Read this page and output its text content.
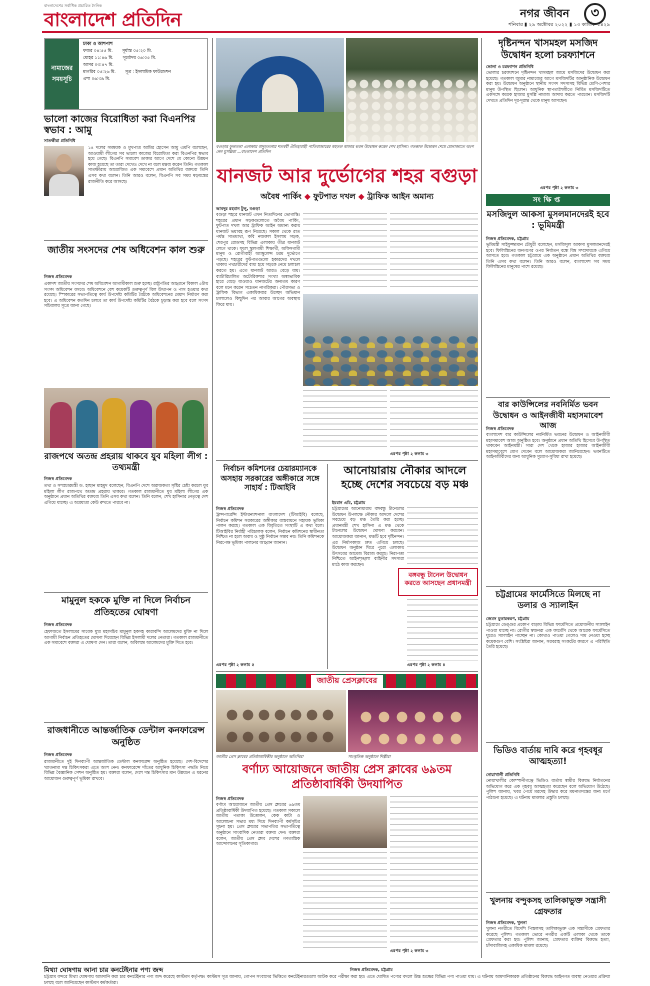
বাংলাদেশের সর্বাধিক প্রচারিত দৈনিক
বাংলাদেশ প্রতিদিন	নগর জীবন ৩
শনিবার ▮ ২৯ অক্টোবর ২০২২ ▮ ১৩ কার্তিক ১৪২৯
নামাজের সময়সূচি
ঢাকা ও আশপাশ
ফজর ০৪:৫৫ মি. সূর্যাস্ত ০৫:২০ মি.
যোহর ১১:৪৬ মি. সূর্যোদয় ০৬:০৫ মি.
আসর ০৩:৪৭ মি.
মাগরিব ০৫:২৬ মি. সূত্র : ইসলামিক ফাউন্ডেশন
এশা ০৬:৩৯ মি.
ভালো কাজের বিরোধিতা করা বিএনপির স্বভাব : আমু
সাতক্ষীরা প্রতিনিধি
১৪ দলের সমন্বয়ক ও মুখপাত্র আমির হোসেন আমু এমপি বলেছেন, আওয়ামী লীগের সব ভালো কাজের বিরোধিতা করা বিএনপির স্বভাব হয়ে গেছে। বিএনপি সমাবেশ ডাকার আগে দেশে যে কোনো উন্নয়ন কাজ হয়েছে তা তারা দেখেও দেখে না বলে মন্তব্য করেন তিনি। গতকাল সাতক্ষীরায় আয়োজিত এক সমাবেশে প্রধান অতিথির বক্তব্যে তিনি এসব কথা বলেন। তিনি আরও বলেন, বিএনপি সব সময় ষড়যন্ত্রের রাজনীতি করে আসছে।
জাতীয় সংসদের শেষ অধিবেশন কাল শুরু
নিজস্ব প্রতিবেদক
একাদশ জাতীয় সংসদের শেষ অধিবেশন আগামীকাল শুরু হচ্ছে। রাষ্ট্রপতির আহ্বানে বিকাল ৫টায় সংসদ অধিবেশন বসবে। অধিবেশনে বেশ কয়েকটি গুরুত্বপূর্ণ বিল উত্থাপন ও পাস হওয়ার কথা রয়েছে। স্পিকারের সভাপতিত্বে কার্য উপদেষ্টা কমিটির বৈঠকে অধিবেশনের মেয়াদ নির্ধারণ করা হবে। এ অধিবেশন কতদিন চলবে তা কার্য উপদেষ্টা কমিটির বৈঠকে চূড়ান্ত করা হবে বলে সংসদ সচিবালয় সূত্রে জানা গেছে।
রাজপথে অতন্দ্র প্রহরায় থাকবে যুব মহিলা লীগ : তথ্যমন্ত্রী
নিজস্ব প্রতিবেদক
তথ্য ও সম্প্রচারমন্ত্রী ড. হাছান মাহমুদ বলেছেন, বিএনপি দেশে অরাজকতা সৃষ্টির চেষ্টা করলে যুব মহিলা লীগ রাজপথে অতন্দ্র প্রহরায় থাকবে। গতকাল রাজধানীতে যুব মহিলা লীগের এক অনুষ্ঠানে প্রধান অতিথির বক্তব্যে তিনি এসব কথা বলেন। তিনি বলেন, শেখ হাসিনার নেতৃত্বে দেশ এগিয়ে যাচ্ছে। এ অগ্রযাত্রা কেউ রুখতে পারবে না।
মামুনুল হককে মুক্তি না দিলে নির্বাচন প্রতিহতের ঘোষণা
নিজস্ব প্রতিবেদক
হেফাজতে ইসলামের সাবেক যুগ্ম মহাসচিব মামুনুল হকসহ কারাবন্দি আলেমদের মুক্তি না দিলে আগামী নির্বাচন প্রতিহতের ঘোষণা দিয়েছেন বিভিন্ন ইসলামী দলের নেতারা। গতকাল রাজধানীতে এক সমাবেশে বক্তারা এ ঘোষণা দেন। তারা বলেন, অবিলম্বে আলেমদের মুক্তি দিতে হবে।
রাজধানীতে আন্তর্জাতিক ডেন্টাল কনফারেন্স অনুষ্ঠিত
নিজস্ব প্রতিবেদক
রাজধানীতে দুই দিনব্যাপী আন্তর্জাতিক ডেন্টাল কনফারেন্স অনুষ্ঠিত হয়েছে। দেশ-বিদেশের খ্যাতনামা দন্ত চিকিৎসকরা এতে অংশ নেন। কনফারেন্সে দাঁতের আধুনিক চিকিৎসা পদ্ধতি নিয়ে বিভিন্ন বৈজ্ঞানিক সেশন অনুষ্ঠিত হয়। বক্তারা বলেন, দেশে দন্ত চিকিৎসার মান উন্নয়নে এ ধরনের আয়োজন গুরুত্বপূর্ণ ভূমিকা রাখবে।
বগুড়ার ফুলতলা এলাকায় বাদুড়তলায় শতবর্ষী ঐতিহ্যবাহী পাতিবাজারের বহুতল বাজার ভবন উদ্বোধন করেন শেখ হাসিনা। গতকাল উদ্বোধন শেষে মোনাজাতে অংশ নেন মুসল্লিরা —বাংলাদেশ প্রতিদিন
যানজট আর দুর্ভোগের শহর বগুড়া
অবৈধ পার্কিং ◆ ফুটপাত দখল ◆ ট্রাফিক আইন অমান্য
আবদুর রহমান টুলু, বগুড়া
বগুড়া শহরে যানজট এখন নিত্যদিনের ভোগান্তি। শহরের প্রধান সড়কগুলোতে অবৈধ পার্কিং, ফুটপাত দখল আর ট্রাফিক আইন অমান্য করায় যানজট ভয়াবহ রূপ নিয়েছে। সকাল থেকে রাত পর্যন্ত সাতমাথা, কবি নজরুল ইসলাম সড়ক, শেরপুর রোডসহ বিভিন্ন এলাকায় তীব্র যানজট লেগে থাকে। ফলে স্কুলগামী শিক্ষার্থী, অফিসগামী মানুষ ও রোগীবাহী অ্যাম্বুলেন্স চরম দুর্ভোগে পড়ছে। শহরের ফুটপাতগুলো হকারদের দখলে থাকায় পথচারীদের বাধ্য হয়ে সড়কে নেমে চলাচল করতে হয়। এতে যানজট আরও বেড়ে যায়। ব্যাটারিচালিত অটোরিকশার সংখ্যা অস্বাভাবিক হারে বেড়ে যাওয়াও যানজটের অন্যতম কারণ বলে মনে করেন সচেতন নাগরিকরা। পৌরসভা ও ট্রাফিক বিভাগ একাধিকবার উচ্ছেদ অভিযান চালালেও কিছুদিন পর আবার আগের অবস্থায় ফিরে যায়।
এরপর পৃষ্ঠা ২ কলাম ৩
নির্বাচন কমিশনের চেয়ারম্যানকে অসহায় সরকারের অঙ্গীকারে সঙ্গে সাহার্য : টিআইবি
নিজস্ব প্রতিবেদক
ট্রান্সপারেন্সি ইন্টারন্যাশনাল বাংলাদেশ (টিআইবি) বলেছে, নির্বাচন কমিশন সরকারের অঙ্গীকার বাস্তবায়নে সহায়ক ভূমিকা পালন করছে। গতকাল এক বিবৃতিতে সংস্থাটি এ কথা বলে। টিআইবির নির্বাহী পরিচালক বলেন, নির্বাচন কমিশনের স্বাধীনতা নিশ্চিত না হলে অবাধ ও সুষ্ঠু নির্বাচন সম্ভব নয়। তিনি কমিশনকে নিরপেক্ষ ভূমিকা পালনের আহ্বান জানান।
এরপর পৃষ্ঠা ২ কলাম ৫
আনোয়ারায় নৌকার আদলে হচ্ছে দেশের সবচেয়ে বড় মঞ্চ
ইমরান এমি, চট্টগ্রাম
চট্টগ্রামের আনোয়ারায় বঙ্গবন্ধু টানেলের উদ্বোধন উপলক্ষে নৌকার আদলে দেশের সবচেয়ে বড় মঞ্চ তৈরি করা হচ্ছে। প্রধানমন্ত্রী শেখ হাসিনা এ মঞ্চ থেকে টানেলের উদ্বোধন ঘোষণা করবেন। আয়োজকরা জানান, মঞ্চটি হবে দৃষ্টিনন্দন। এর নির্মাণকাজ দ্রুত এগিয়ে চলছে। উদ্বোধন অনুষ্ঠান ঘিরে পুরো এলাকায় উৎসবের আমেজ বিরাজ করছে। নিরাপত্তা নিশ্চিতে আইনশৃঙ্খলা বাহিনীর সদস্যরা মাঠে কাজ করছেন।
বঙ্গবন্ধু টানেল উদ্বোধন করতে আসছেন প্রধানমন্ত্রী
এরপর পৃষ্ঠা ২ কলাম ৪
জাতীয় প্রেসক্লাবের
জাতীয় প্রেস ক্লাবের প্রতিষ্ঠাবার্ষিকীর অনুষ্ঠানে অতিথিরা	সাংস্কৃতিক অনুষ্ঠানে শিল্পীরা
বর্ণাঢ্য আয়োজনে জাতীয় প্রেস ক্লাবের ৬৯তম প্রতিষ্ঠাবার্ষিকী উদযাপিত
নিজস্ব প্রতিবেদক
বর্ণাঢ্য আয়োজনে জাতীয় প্রেস ক্লাবের ৬৯তম প্রতিষ্ঠাবার্ষিকী উদযাপিত হয়েছে। গতকাল সকালে জাতীয় পতাকা উত্তোলন, কেক কাটা ও আলোচনা সভার মধ্য দিয়ে দিনব্যাপী কর্মসূচির সূচনা হয়। প্রেস ক্লাবের সভাপতির সভাপতিত্বে অনুষ্ঠানে সাংবাদিক নেতারা বক্তব্য দেন। বক্তারা বলেন, জাতীয় প্রেস ক্লাব দেশের গণতান্ত্রিক আন্দোলনের সূতিকাগার।
এরপর পৃষ্ঠা ২ কলাম ৩
দৃষ্টিনন্দন খাসমহল মসজিদ উদ্বোধন হলো চরফ্যাশনে
ভোলা ও চরফ্যাশন প্রতিনিধি
ভোলার চরফ্যাশনে দৃষ্টিনন্দন খাসমহল জামে মসজিদের উদ্বোধন করা হয়েছে। গতকাল জুমার নামাজের আগে মসজিদটির আনুষ্ঠানিক উদ্বোধন করা হয়। উদ্বোধন অনুষ্ঠানে স্থানীয় সংসদ সদস্যসহ বিভিন্ন শ্রেণি-পেশার মানুষ উপস্থিত ছিলেন। আধুনিক স্থাপত্যশৈলীতে নির্মিত মসজিদটিতে একসঙ্গে কয়েক হাজার মুসল্লি নামাজ আদায় করতে পারবেন। মসজিদটি দেখতে প্রতিদিন দূর-দূরান্ত থেকে মানুষ আসছেন।
এরপর পৃষ্ঠা ২ কলাম ৩
সংক্ষিপ্ত
মসজিদুল আকসা মুসলমানদেরই হবে : ভূমিমন্ত্রী
নিজস্ব প্রতিবেদক, চট্টগ্রাম
ভূমিমন্ত্রী সাইফুজ্জামান চৌধুরী বলেছেন, মসজিদুল আকসা মুসলমানদেরই হবে। ফিলিস্তিনের জনগণের ওপর নির্যাতন বন্ধে বিশ্ব সম্প্রদায়কে এগিয়ে আসতে হবে। গতকাল চট্টগ্রামে এক অনুষ্ঠানে প্রধান অতিথির বক্তব্যে তিনি এসব কথা বলেন। তিনি আরও বলেন, বাংলাদেশ সব সময় ফিলিস্তিনের মানুষের পাশে রয়েছে।
বার কাউন্সিলের নবনির্মিত ভবন উদ্বোধন ও আইনজীবী মহাসমাবেশ আজ
নিজস্ব প্রতিবেদক
বাংলাদেশ বার কাউন্সিলের নবনির্মিত ভবনের উদ্বোধন ও আইনজীবী মহাসমাবেশ আজ অনুষ্ঠিত হবে। অনুষ্ঠানে প্রধান অতিথি হিসেবে উপস্থিত থাকবেন আইনমন্ত্রী। সারা দেশ থেকে হাজার হাজার আইনজীবী মহাসমাবেশে যোগ দেবেন বলে আয়োজকরা জানিয়েছেন। ভবনটিতে আইনজীবীদের জন্য আধুনিক সুযোগ-সুবিধা রাখা হয়েছে।
চট্টগ্রামের ফার্মেসিতে মিলছে না ডলার ও স্যালাইন
জেমস মুতারকরণ, চট্টগ্রাম
চট্টগ্রামে ডেঙ্গুর প্রকোপ বাড়ায় বিভিন্ন ফার্মেসিতে প্রয়োজনীয় স্যালাইন পাওয়া যাচ্ছে না। রোগীর স্বজনরা এক ফার্মেসি থেকে আরেক ফার্মেসিতে ঘুরেও স্যালাইন পাচ্ছেন না। কোথাও পাওয়া গেলেও দাম নেওয়া হচ্ছে কয়েকগুণ বেশি। সংশ্লিষ্টরা জানান, সরবরাহ সংকটের কারণে এ পরিস্থিতি তৈরি হয়েছে।
ভিডিও বার্তায় দাবি করে গৃহবধূর আত্মহত্যা!
নোয়াখালী প্রতিনিধি
নোয়াখালীর কোম্পানীগঞ্জে ভিডিও বার্তায় স্বামীর বিরুদ্ধে নির্যাতনের অভিযোগ করে এক গৃহবধূ আত্মহত্যা করেছেন বলে অভিযোগ উঠেছে। পুলিশ জানায়, খবর পেয়ে মরদেহ উদ্ধার করে ময়নাতদন্তের জন্য মর্গে পাঠানো হয়েছে। এ ঘটনায় মামলার প্রস্তুতি চলছে।
খুলনায় বন্দুকসহ তালিকাভুক্ত সন্ত্রাসী গ্রেফতার
নিজস্ব প্রতিবেদক, খুলনা
খুলনা নগরীতে বিদেশি পিস্তলসহ তালিকাভুক্ত এক সন্ত্রাসীকে গ্রেফতার করেছে পুলিশ। গতকাল ভোরে নগরীর একটি এলাকা থেকে তাকে গ্রেফতার করা হয়। পুলিশ জানায়, গ্রেফতার ব্যক্তির বিরুদ্ধে হত্যা, চাঁদাবাজিসহ একাধিক মামলা রয়েছে।
মিথ্যা ঘোষণায় আনা চার কনটেইনার পণ্য জব্দ	নিজস্ব প্রতিবেদক, চট্টগ্রাম
চট্টগ্রাম বন্দরে মিথ্যা ঘোষণায় আমদানি করা চার কনটেইনার পণ্য জব্দ করেছে কাস্টমস কর্তৃপক্ষ। কাস্টমস সূত্র জানায়, গোপন সংবাদের ভিত্তিতে কনটেইনারগুলো আটক করে পরীক্ষা করা হয়। এতে ঘোষিত পণ্যের বদলে উচ্চ শুল্কের বিভিন্ন পণ্য পাওয়া যায়। এ ঘটনায় আমদানিকারক প্রতিষ্ঠানের বিরুদ্ধে আইনগত ব্যবস্থা নেওয়ার প্রক্রিয়া চলছে বলে জানিয়েছেন কাস্টমস কর্মকর্তারা।
